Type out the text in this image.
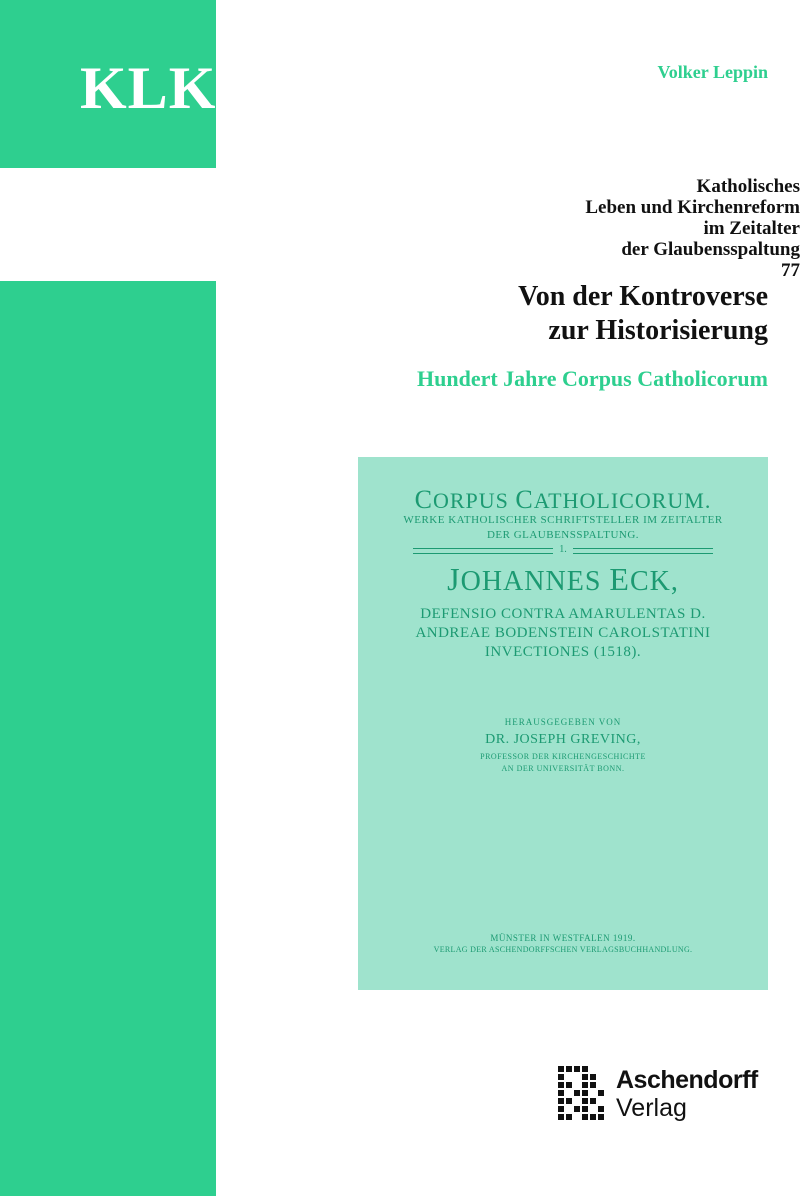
KLK
Katholisches
Leben und Kirchenreform
im Zeitalter
der Glaubensspaltung
77
Volker Leppin
Von der Kontroverse
zur Historisierung
Hundert Jahre Corpus Catholicorum
CORPUS CATHOLICORUM.
WERKE KATHOLISCHER SCHRIFTSTELLER IM ZEITALTER
DER GLAUBENSSPALTUNG.
1.
JOHANNES ECK,
DEFENSIO CONTRA AMARULENTAS D.
ANDREAE BODENSTEIN CAROLSTATINI
INVECTIONES (1518).
HERAUSGEGEBEN VON
DR. JOSEPH GREVING,
PROFESSOR DER KIRCHENGESCHICHTE
AN DER UNIVERSITÄT BONN.
MÜNSTER IN WESTFALEN 1919.
VERLAG DER ASCHENDORFFSCHEN VERLAGSBUCHHANDLUNG.
Aschendorff
Verlag
